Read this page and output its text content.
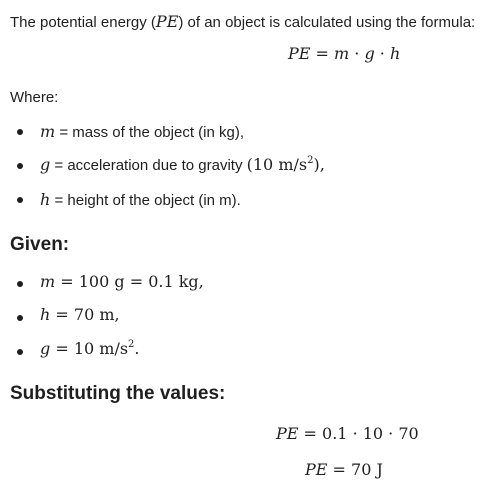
The potential energy (PE) of an object is calculated using the formula:
PE = m · g · h
Where:
m = mass of the object (in kg),
g = acceleration due to gravity (10 $m/s^2$),
h = height of the object (in m).
Given:
m = 100 g = 0.1 kg,
h = 70 m,
g = 10 $m/s^2$.
Substituting the values:
PE = 0.1 · 10 · 70
PE = 70 J
